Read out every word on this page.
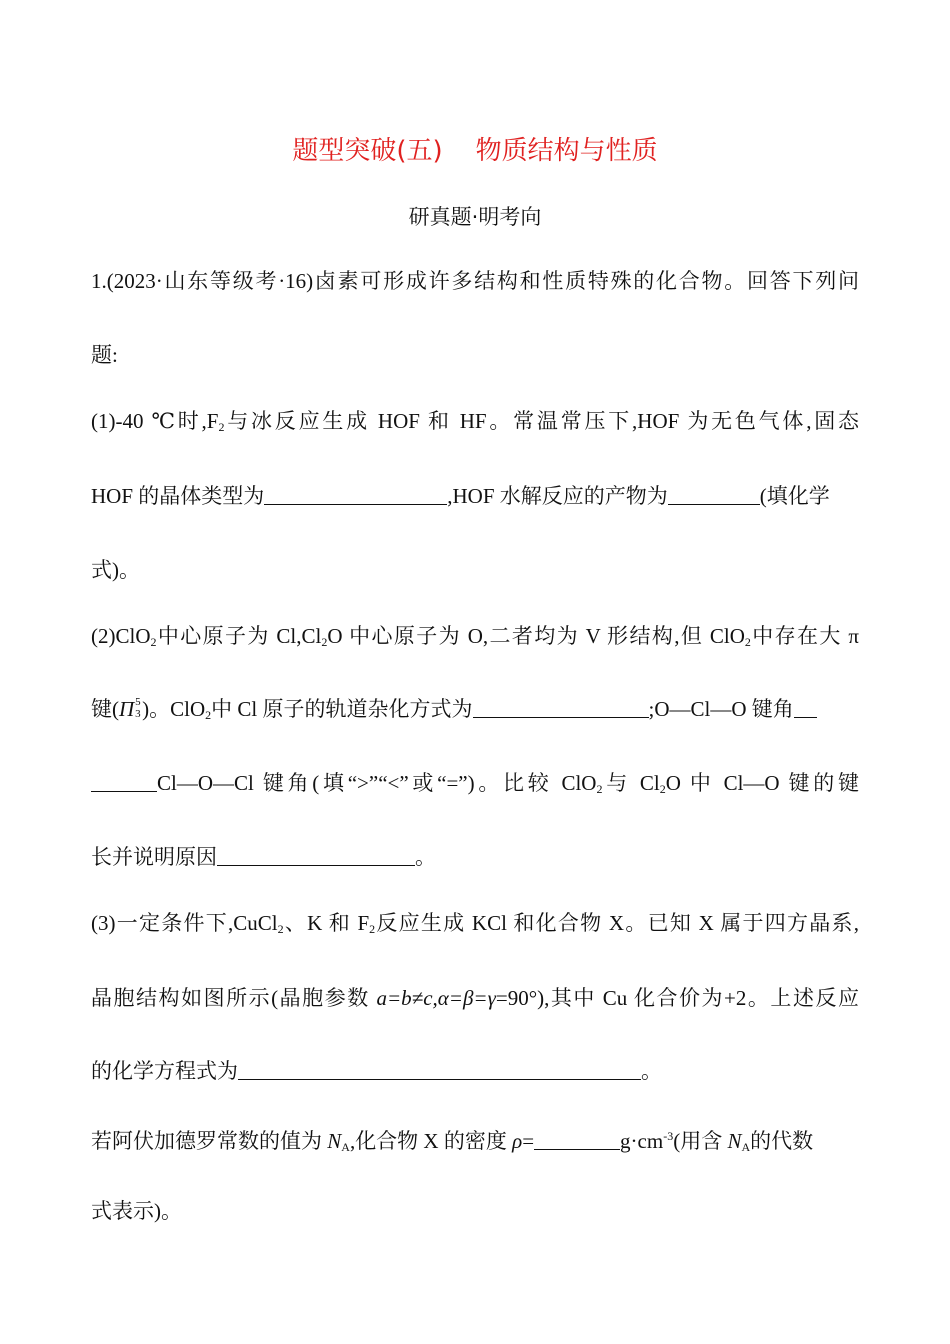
题型突破(五)    物质结构与性质
研真题·明考向
1.(2023·山东等级考·16)卤素可形成许多结构和性质特殊的化合物。回答下列问
题:
(1)-40 ℃时$,F_2$与冰反应生成 HOF 和 HF。常温常压下,HOF 为无色气体,固态
HOF 的晶体类型为	,HOF 水解反应的产物为	(填化学
式)。
(2)ClO$_2$中心原子为 $Cl,Cl_2O$ 中心原子为 O,二者均为 V 形结构,但 ClO$_2$中存在大 π
键(Π 5
3 )。ClO$_2$中 Cl 原子的轨道杂化方式为	;O—Cl—O 键角
Cl—O—Cl 键角(填“>”“<”或“=”)。比较 ClO$_2$与 $Cl_2O$ 中 Cl—O 键的键
长并说明原因	。
(3)一定条件下,CuCl$_2$、K 和 $F_2$反应生成 KCl 和化合物 X。已知 X 属于四方晶系,
晶胞结构如图所示(晶胞参数 a=b≠c,α=β=γ=90°),其中 Cu 化合价为+2。上述反应
的化学方程式为	。
若阿伏加德罗常数的值为 $N_A$,化合物 X 的密度 ρ=	$g\cdot cm^{-3}$(用含 $N_A$的代数
式表示)。
